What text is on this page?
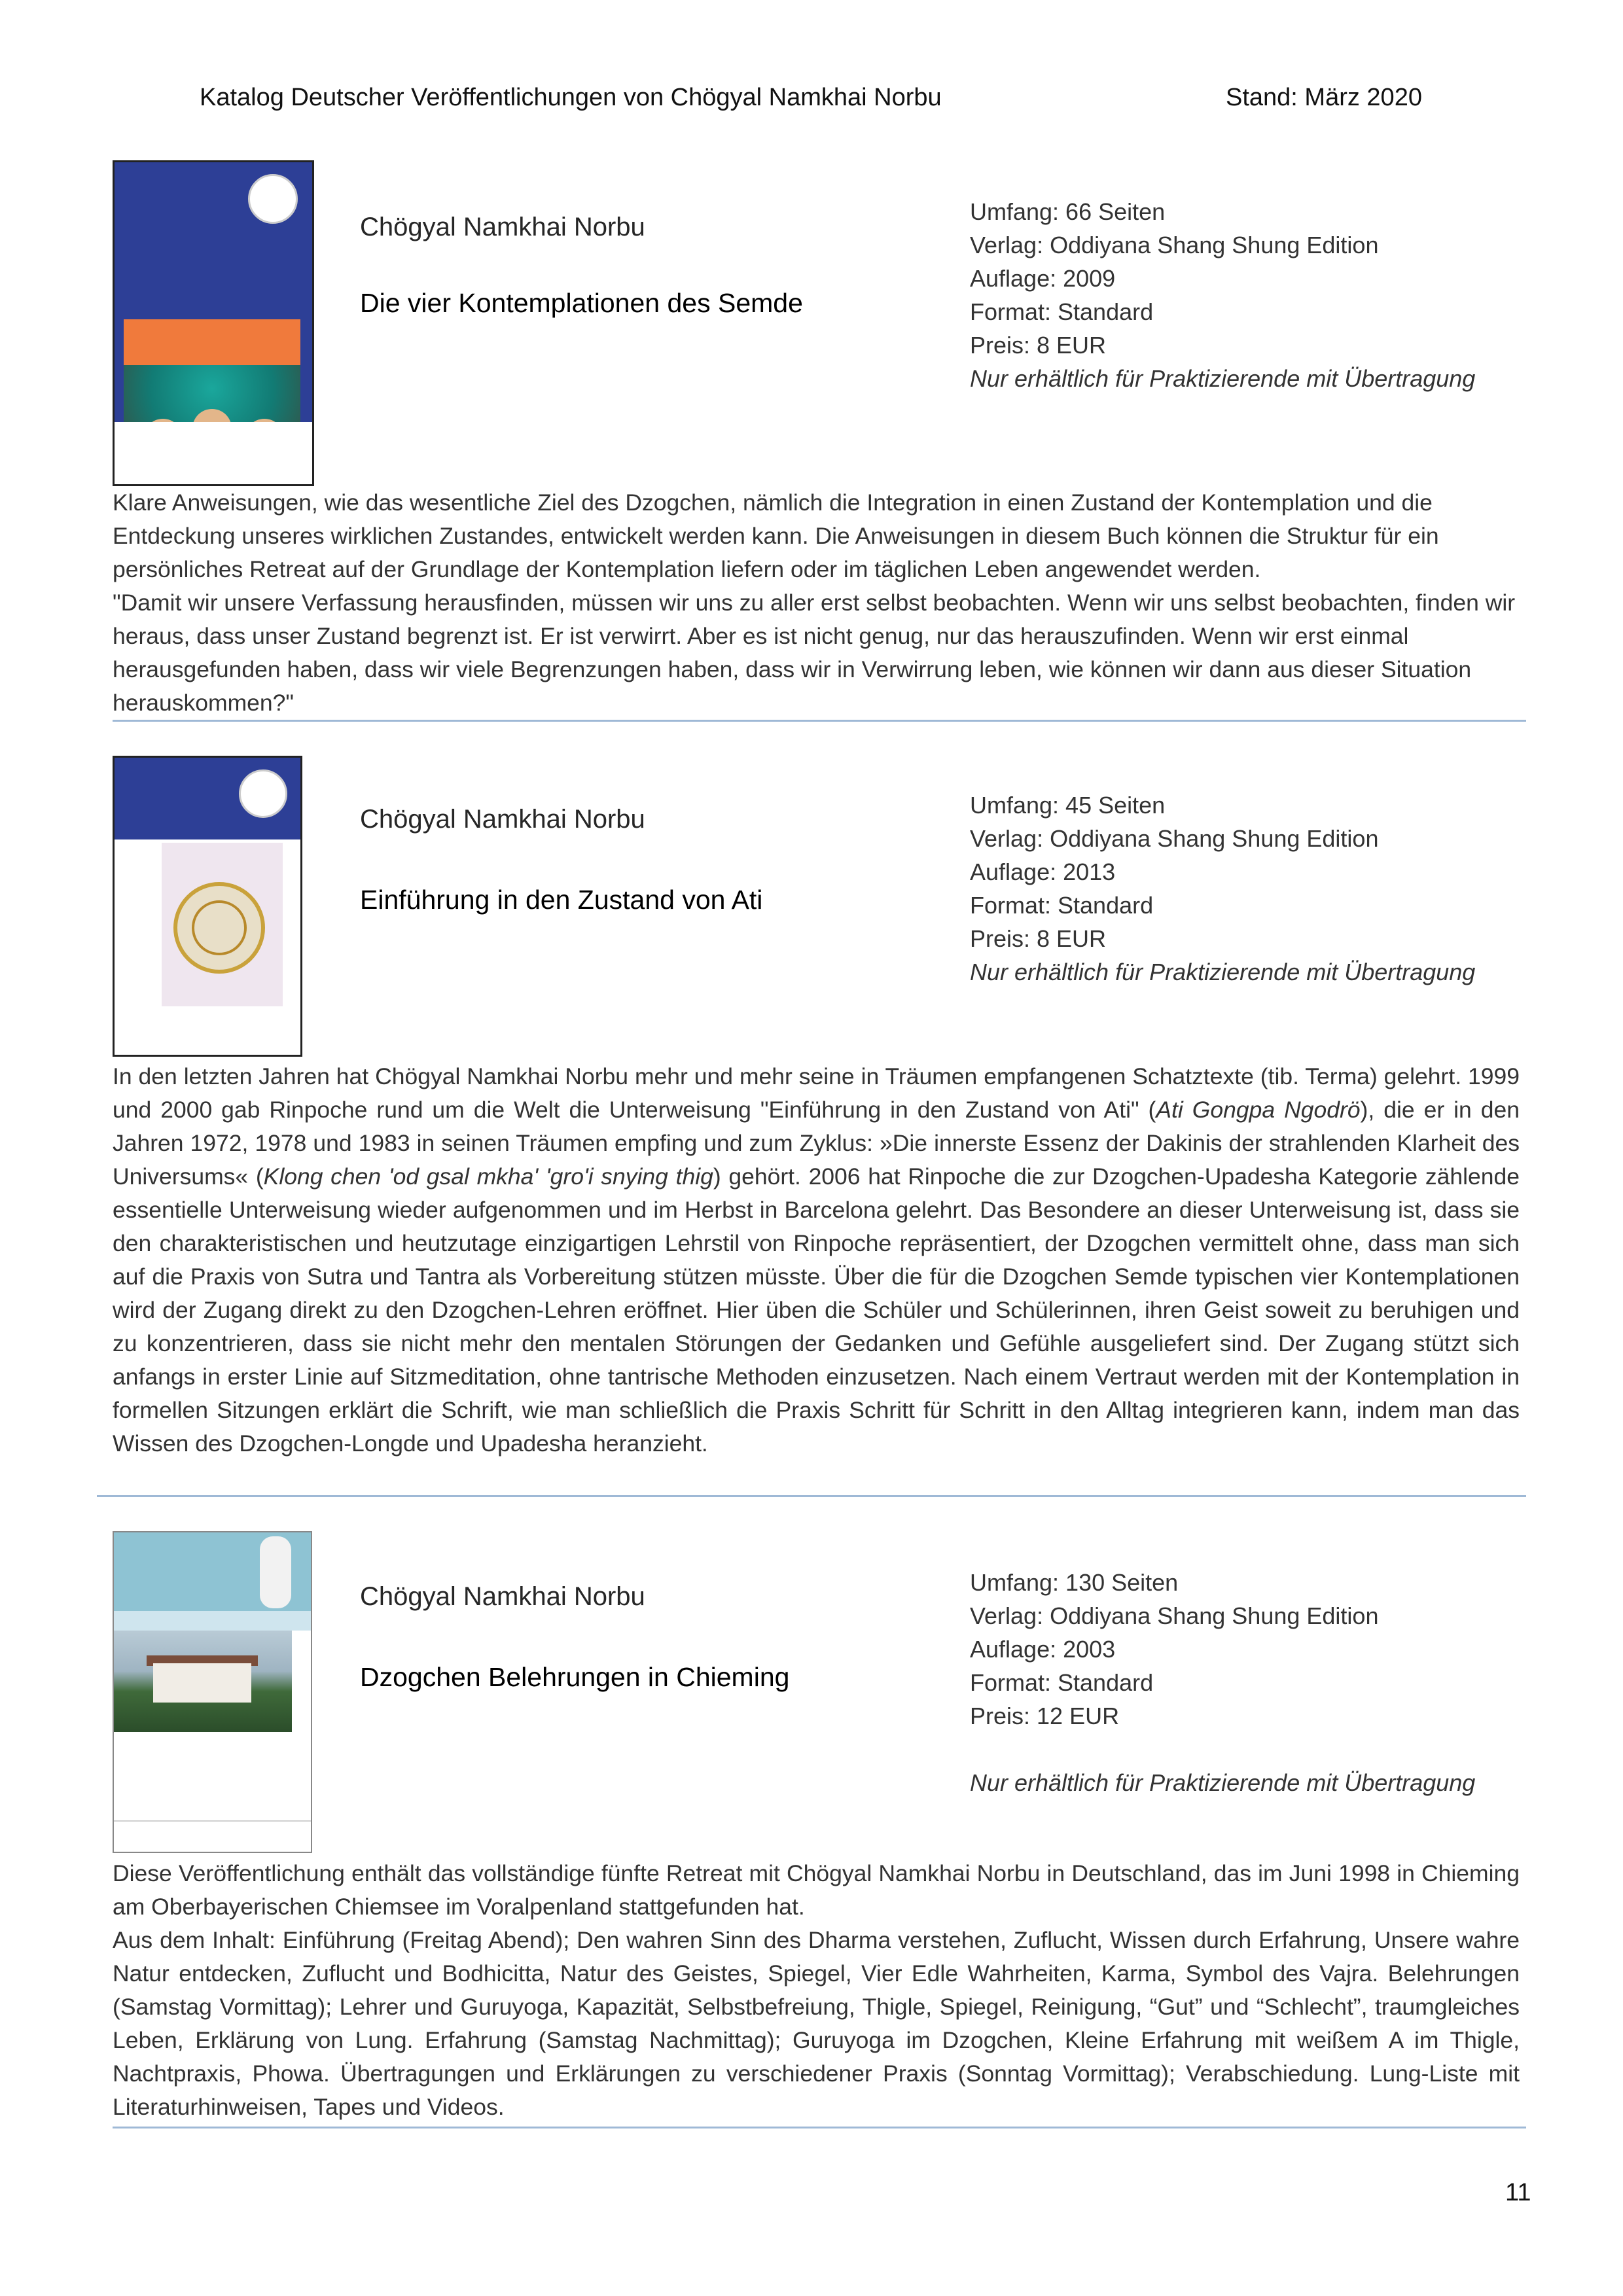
Katalog Deutscher Veröffentlichungen von Chögyal Namkhai Norbu	Stand: März 2020
Chögyal Namkhai Norbu
Die vier Kontemplationen des Semde
Umfang: 66 Seiten
Verlag: Oddiyana Shang Shung Edition
Auflage: 2009
Format: Standard
Preis: 8 EUR
Nur erhältlich für Praktizierende mit Übertragung

Klare Anweisungen, wie das wesentliche Ziel des Dzogchen, nämlich die Integration in einen Zustand der Kontemplation und die Entdeckung unseres wirklichen Zustandes, entwickelt werden kann. Die Anweisungen in diesem Buch können die Struktur für ein persönliches Retreat auf der Grundlage der Kontemplation liefern oder im täglichen Leben angewendet werden.

"Damit wir unsere Verfassung herausfinden, müssen wir uns zu aller erst selbst beobachten. Wenn wir uns selbst beobachten, finden wir heraus, dass unser Zustand begrenzt ist. Er ist verwirrt. Aber es ist nicht genug, nur das herauszufinden. Wenn wir erst einmal herausgefunden haben, dass wir viele Begrenzungen haben, dass wir in Verwirrung leben, wie können wir dann aus dieser Situation herauskommen?"

Chögyal Namkhai Norbu
Einführung in den Zustand von Ati
Umfang: 45 Seiten
Verlag: Oddiyana Shang Shung Edition
Auflage: 2013
Format: Standard
Preis: 8 EUR
Nur erhältlich für Praktizierende mit Übertragung

In den letzten Jahren hat Chögyal Namkhai Norbu mehr und mehr seine in Träumen empfangenen Schatztexte (tib. Terma) gelehrt. 1999 und 2000 gab Rinpoche rund um die Welt die Unterweisung "Einführung in den Zustand von Ati" (Ati Gongpa Ngodrö), die er in den Jahren 1972, 1978 und 1983 in seinen Träumen empfing und zum Zyklus: »Die innerste Essenz der Dakinis der strahlenden Klarheit des Universums« (Klong chen 'od gsal mkha' 'gro'i snying thig) gehört. 2006 hat Rinpoche die zur Dzogchen-Upadesha Kategorie zählende essentielle Unterweisung wieder aufgenommen und im Herbst in Barcelona gelehrt. Das Besondere an dieser Unterweisung ist, dass sie den charakteristischen und heutzutage einzigartigen Lehrstil von Rinpoche repräsentiert, der Dzogchen vermittelt ohne, dass man sich auf die Praxis von Sutra und Tantra als Vorbereitung stützen müsste. Über die für die Dzogchen Semde typischen vier Kontemplationen wird der Zugang direkt zu den Dzogchen-Lehren eröffnet. Hier üben die Schüler und Schülerinnen, ihren Geist soweit zu beruhigen und zu konzentrieren, dass sie nicht mehr den mentalen Störungen der Gedanken und Gefühle ausgeliefert sind. Der Zugang stützt sich anfangs in erster Linie auf Sitzmeditation, ohne tantrische Methoden einzusetzen. Nach einem Vertraut werden mit der Kontemplation in formellen Sitzungen erklärt die Schrift, wie man schließlich die Praxis Schritt für Schritt in den Alltag integrieren kann, indem man das Wissen des Dzogchen-Longde und Upadesha heranzieht.

Chögyal Namkhai Norbu
Dzogchen Belehrungen in Chieming
Umfang: 130 Seiten
Verlag: Oddiyana Shang Shung Edition
Auflage: 2003
Format: Standard
Preis: 12 EUR
Nur erhältlich für Praktizierende mit Übertragung

Diese Veröffentlichung enthält das vollständige fünfte Retreat mit Chögyal Namkhai Norbu in Deutschland, das im Juni 1998 in Chieming am Oberbayerischen Chiemsee im Voralpenland stattgefunden hat.

Aus dem Inhalt: Einführung (Freitag Abend); Den wahren Sinn des Dharma verstehen, Zuflucht, Wissen durch Erfahrung, Unsere wahre Natur entdecken, Zuflucht und Bodhicitta, Natur des Geistes, Spiegel, Vier Edle Wahrheiten, Karma, Symbol des Vajra. Belehrungen (Samstag Vormittag); Lehrer und Guruyoga, Kapazität, Selbstbefreiung, Thigle, Spiegel, Reinigung, “Gut” und “Schlecht”, traumgleiches Leben, Erklärung von Lung. Erfahrung (Samstag Nachmittag); Guruyoga im Dzogchen, Kleine Erfahrung mit weißem A im Thigle, Nachtpraxis, Phowa. Übertragungen und Erklärungen zu verschiedener Praxis (Sonntag Vormittag); Verabschiedung. Lung-Liste mit Literaturhinweisen, Tapes und Videos.

11
